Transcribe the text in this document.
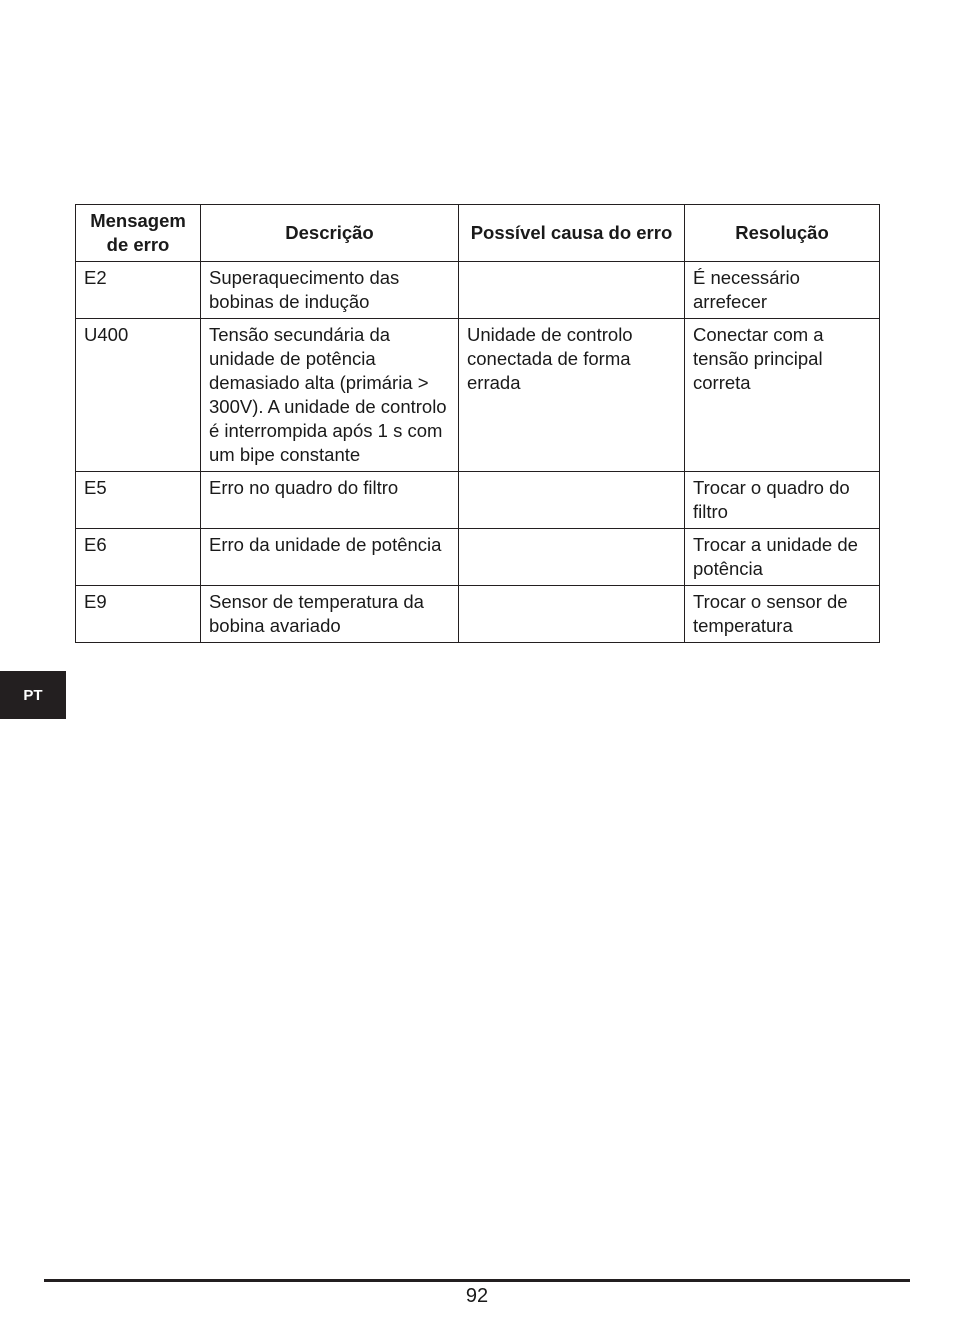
Mensagem de erro	Descrição	Possível causa do erro	Resolução
E2	Superaquecimento das bobinas de indução		É necessário arrefecer
U400	Tensão secundária da unidade de potência demasiado alta (primária > 300V). A unidade de controlo é interrompida após 1 s com um bipe constante	Unidade de controlo conectada de forma errada	Conectar com a tensão principal correta
E5	Erro no quadro do filtro		Trocar o quadro do filtro
E6	Erro da unidade de potência		Trocar a unidade de potência
E9	Sensor de temperatura da bobina avariado		Trocar o sensor de temperatura
PT
92
